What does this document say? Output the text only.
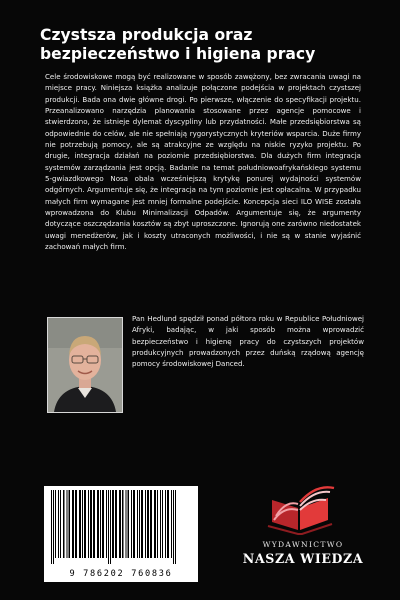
Czystsza produkcja oraz
bezpieczeństwo i higiena pracy

Cele środowiskowe mogą być realizowane w sposób zawężony, bez zwracania uwagi na miejsce pracy. Niniejsza książka analizuje połączone podejścia w projektach czystszej produkcji. Bada ona dwie główne drogi. Po pierwsze, włączenie do specyfikacji projektu. Przeanalizowano narzędzia planowania stosowane przez agencje pomocowe i stwierdzono, że istnieje dylemat dyscypliny lub przydatności. Małe przedsiębiorstwa są odpowiednie do celów, ale nie spełniają rygorystycznych kryteriów wsparcia. Duże firmy nie potrzebują pomocy, ale są atrakcyjne ze względu na niskie ryzyko projektu. Po drugie, integracja działań na poziomie przedsiębiorstwa. Dla dużych firm integracja systemów zarządzania jest opcją. Badanie na temat południowoafrykańskiego systemu 5-gwiazdkowego Nosa obala wcześniejszą krytykę ponurej wydajności systemów odgórnych. Argumentuje się, że integracja na tym poziomie jest opłacalna. W przypadku małych firm wymagane jest mniej formalne podejście. Koncepcja sieci ILO WISE została wprowadzona do Klubu Minimalizacji Odpadów. Argumentuje się, że argumenty dotyczące oszczędzania kosztów są zbyt uproszczone. Ignorują one zarówno niedostatek uwagi menedżerów, jak i koszty utraconych możliwości, i nie są w stanie wyjaśnić zachowań małych firm.

Pan Hedlund spędził ponad półtora roku w Republice Południowej Afryki, badając, w jaki sposób można wprowadzić bezpieczeństwo i higienę pracy do czystszych projektów produkcyjnych prowadzonych przez duńską rządową agencję pomocy środowiskowej Danced.

9 786202 760836
WYDAWNICTWO
NASZA WIEDZA
